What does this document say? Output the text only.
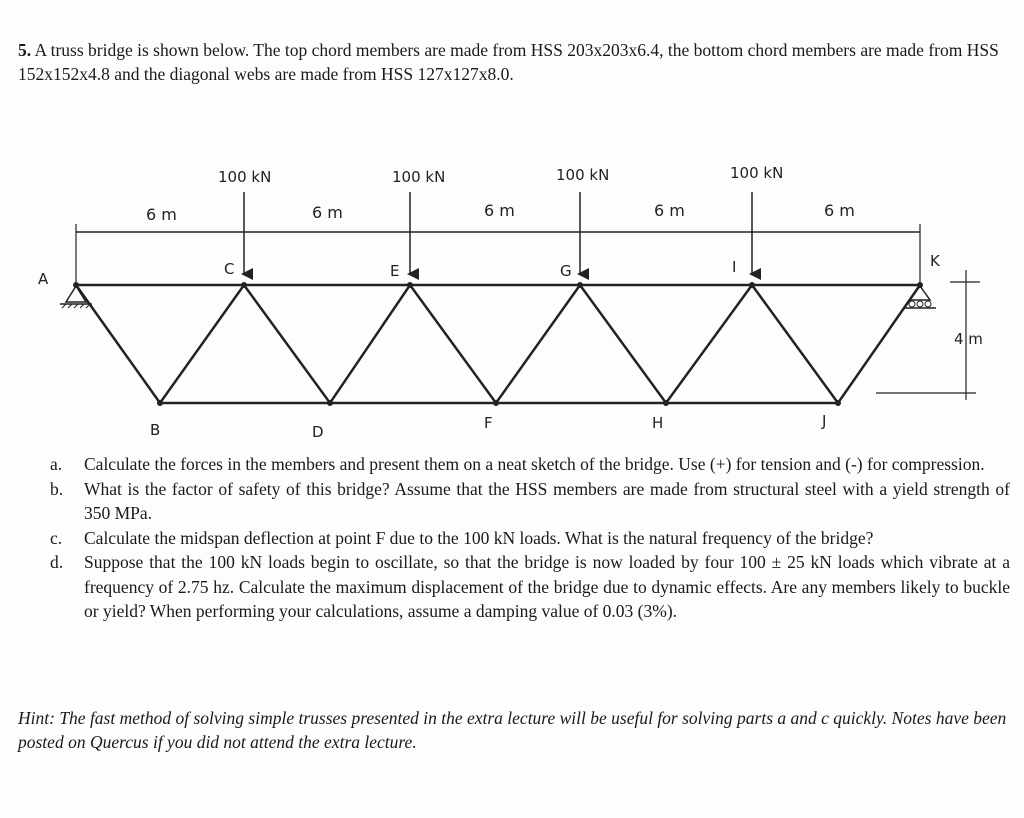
5. A truss bridge is shown below. The top chord members are made from HSS 203x203x6.4, the bottom chord members are made from HSS 152x152x4.8 and the diagonal webs are made from HSS 127x127x8.0.
100 kN	100 kN	100 kN	100 kN
6 m	6 m	6 m	6 m	6 m
A
C	E	G	I	K
B	D	F	H	J
4 m
a. Calculate the forces in the members and present them on a neat sketch of the bridge. Use (+) for tension and (-) for compression.
b. What is the factor of safety of this bridge? Assume that the HSS members are made from structural steel with a yield strength of 350 MPa.
c. Calculate the midspan deflection at point F due to the 100 kN loads. What is the natural frequency of the bridge?
d. Suppose that the 100 kN loads begin to oscillate, so that the bridge is now loaded by four 100 ± 25 kN loads which vibrate at a frequency of 2.75 hz. Calculate the maximum displacement of the bridge due to dynamic effects. Are any members likely to buckle or yield? When performing your calculations, assume a damping value of 0.03 (3%).
Hint: The fast method of solving simple trusses presented in the extra lecture will be useful for solving parts a and c quickly. Notes have been posted on Quercus if you did not attend the extra lecture.
